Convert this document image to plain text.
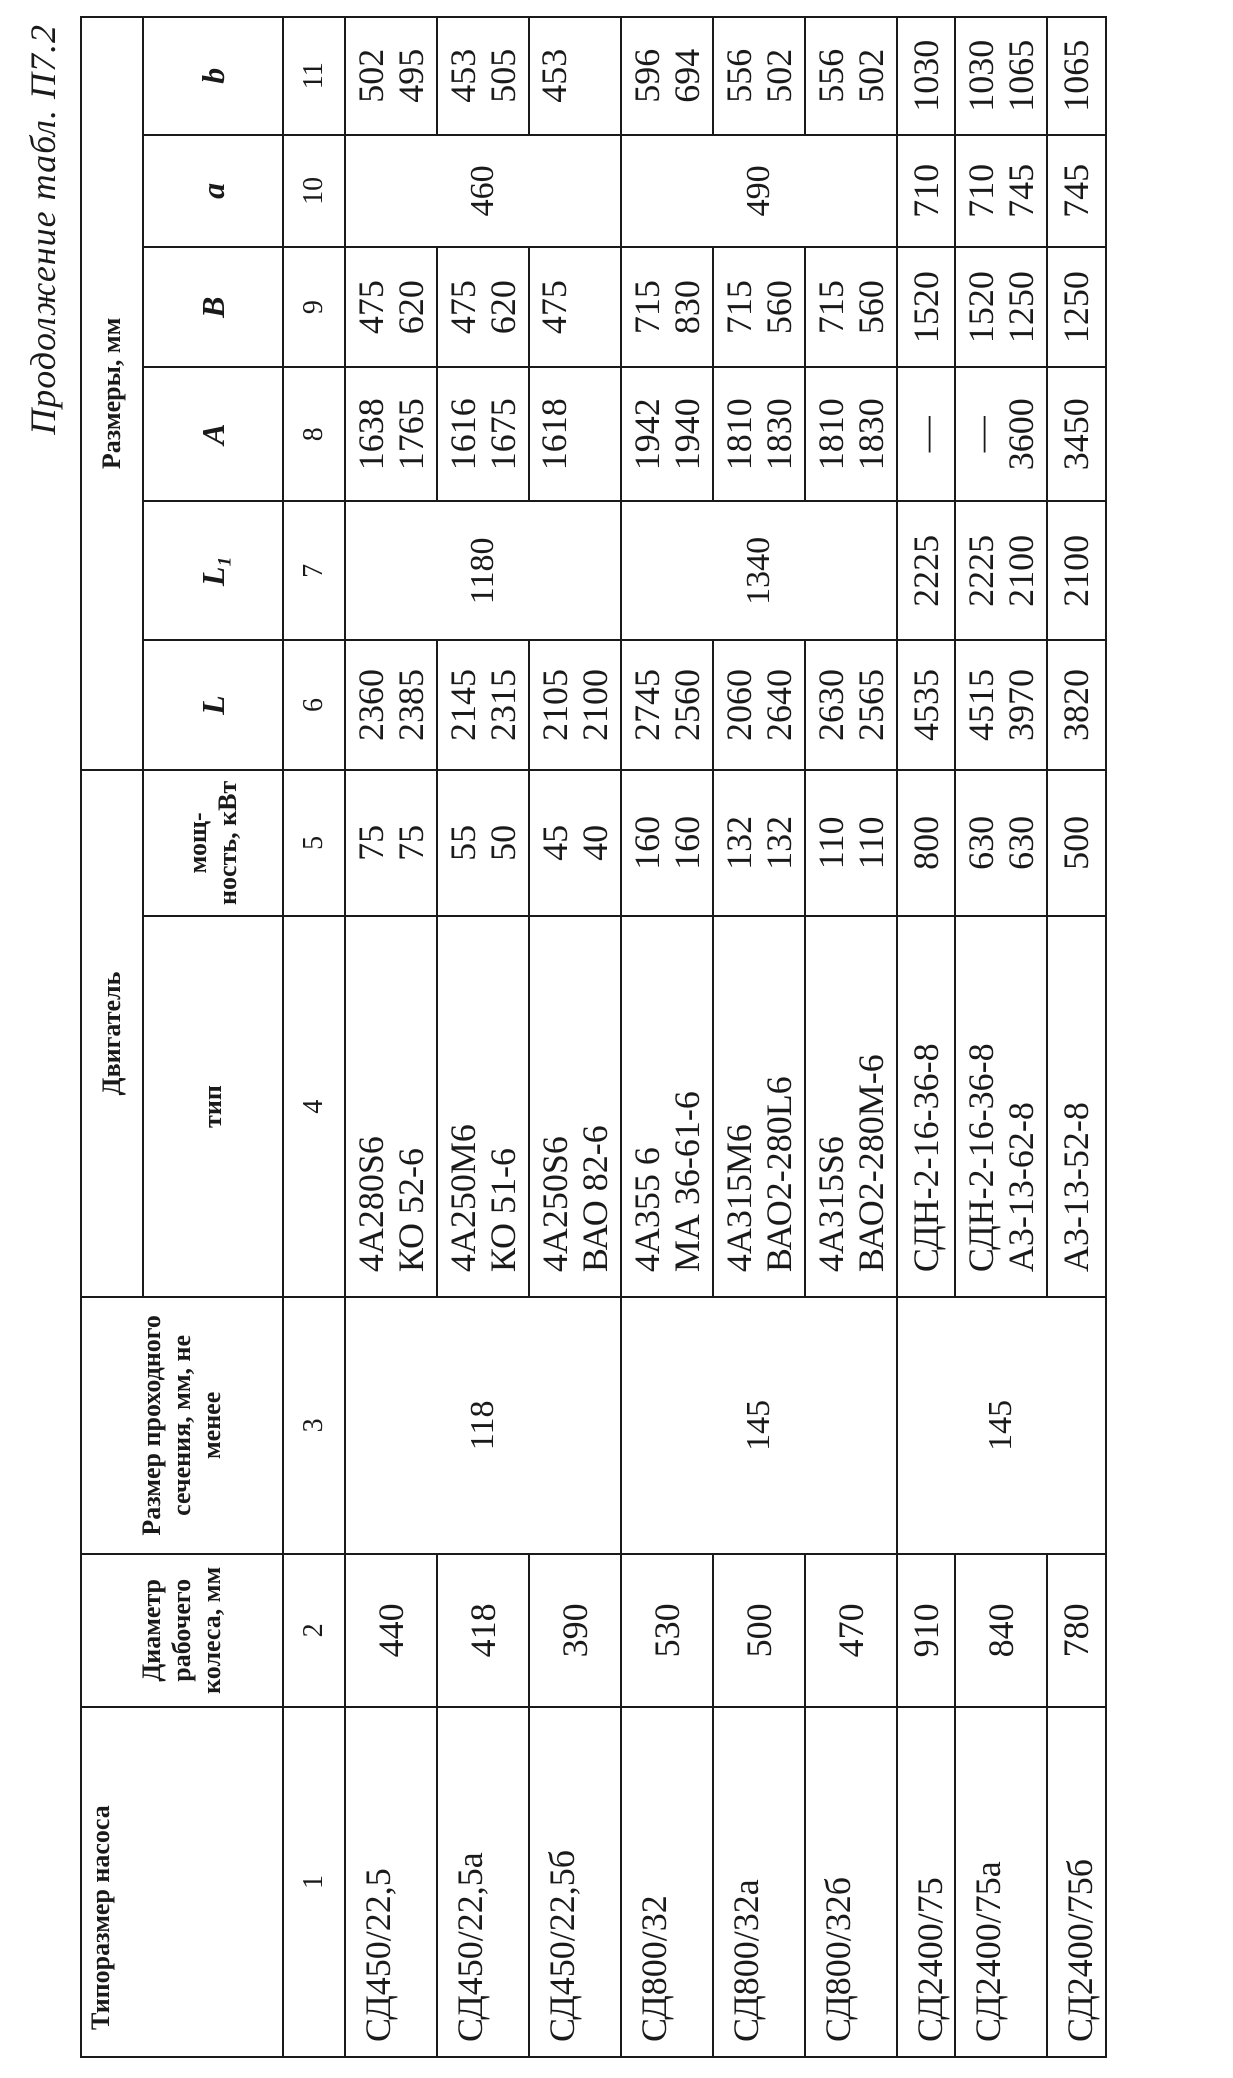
Продолжение табл. П7.2
Типоразмер насоса	Диаметр рабочего колеса, мм	Размер проходного сечения, мм, не менее	Двигатель		Размеры, мм					
			тип	мощ-ность, кВт	L	L₁	A	B	a	b
1	2	3	4	5	6	7	8	9	10	11
СД450/22,5	440	118	4А280S6 КО 52-6	75 75	2360 2385	1180	1638 1765	475 620	460	502 495

СД450/22,5а	418		4А250М6 КО 51-6	55 50	2145 2315		1616 1675	475 620		453 505

СД450/22,5б	390		4А250S6 ВАО 82-6	45 40	2105 2100		1618	475		453

СД800/32	530	145	4А355 6 МА 36-61-6	160 160	2745 2560	1340	1942 1940	715 830	490	596 694

СД800/32а	500		4А315М6 ВАО2-280L6	132 132	2060 2640		1810 1830	715 560		556 502

СД800/32б	470		4А315S6 ВАО2-280М-6	110 110	2630 2565		1810 1830	715 560		556 502

СД2400/75	910	145	СДН-2-16-36-8	800	4535	2225	—	1520	710	1030

СД2400/75а	840		СДН-2-16-36-8 А3-13-62-8	630 630	4515 3970	2225 2100	— 3600	1520 1250	710 745	1030 1065

СД2400/75б	780		А3-13-52-8	500	3820	2100	3450	1250	745	1065
